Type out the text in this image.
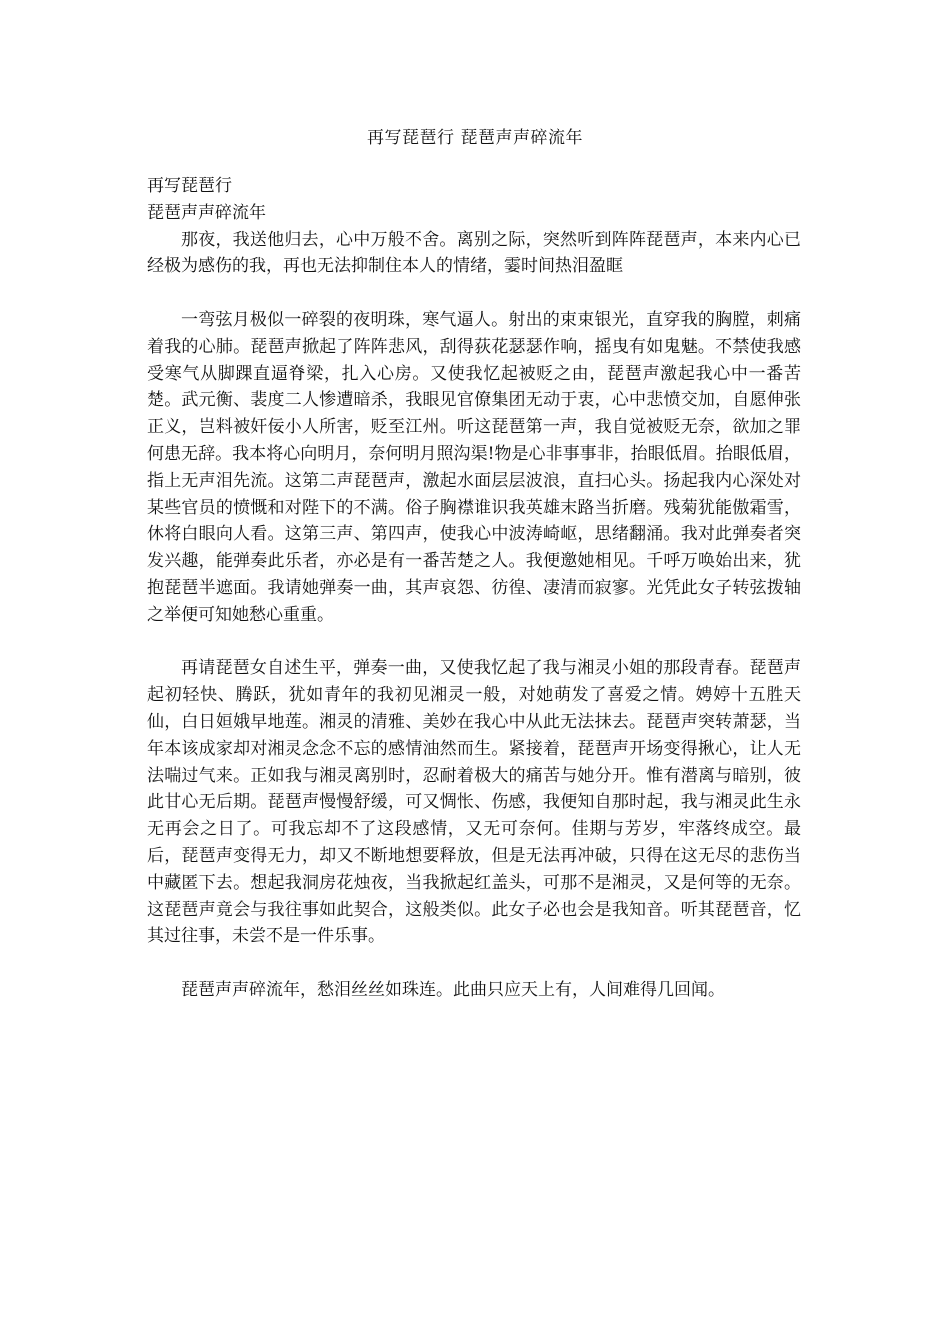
再写琵琶行 琵琶声声碎流年

再写琵琶行

琵琶声声碎流年

那夜，我送他归去，心中万般不舍。离别之际，突然听到阵阵琵琶声，本来内心已经极为感伤的我，再也无法抑制住本人的情绪，霎时间热泪盈眶

一弯弦月极似一碎裂的夜明珠，寒气逼人。射出的束束银光，直穿我的胸膛，刺痛着我的心肺。琵琶声掀起了阵阵悲风，刮得荻花瑟瑟作响，摇曳有如鬼魅。不禁使我感受寒气从脚踝直逼脊梁，扎入心房。又使我忆起被贬之由，琵琶声激起我心中一番苦楚。武元衡、裴度二人惨遭暗杀，我眼见官僚集团无动于衷，心中悲愤交加，自愿伸张正义，岂料被奸佞小人所害，贬至江州。听这琵琶第一声，我自觉被贬无奈，欲加之罪何患无辞。我本将心向明月，奈何明月照沟渠!物是心非事事非，抬眼低眉。抬眼低眉，指上无声泪先流。这第二声琵琶声，激起水面层层波浪，直扫心头。扬起我内心深处对某些官员的愤慨和对陛下的不满。俗子胸襟谁识我英雄末路当折磨。残菊犹能傲霜雪，休将白眼向人看。这第三声、第四声，使我心中波涛崎岖，思绪翻涌。我对此弹奏者突发兴趣，能弹奏此乐者，亦必是有一番苦楚之人。我便邀她相见。千呼万唤始出来，犹抱琵琶半遮面。我请她弹奏一曲，其声哀怨、彷徨、凄清而寂寥。光凭此女子转弦拨轴之举便可知她愁心重重。

再请琵琶女自述生平，弹奏一曲，又使我忆起了我与湘灵小姐的那段青春。琵琶声起初轻快、腾跃，犹如青年的我初见湘灵一般，对她萌发了喜爱之情。娉婷十五胜天仙，白日姮娥早地莲。湘灵的清雅、美妙在我心中从此无法抹去。琵琶声突转萧瑟，当年本该成家却对湘灵念念不忘的感情油然而生。紧接着，琵琶声开场变得揪心，让人无法喘过气来。正如我与湘灵离别时，忍耐着极大的痛苦与她分开。惟有潜离与暗别，彼此甘心无后期。琵琶声慢慢舒缓，可又惆怅、伤感，我便知自那时起，我与湘灵此生永无再会之日了。可我忘却不了这段感情，又无可奈何。佳期与芳岁，牢落终成空。最后，琵琶声变得无力，却又不断地想要释放，但是无法再冲破，只得在这无尽的悲伤当中藏匿下去。想起我洞房花烛夜，当我掀起红盖头，可那不是湘灵，又是何等的无奈。这琵琶声竟会与我往事如此契合，这般类似。此女子必也会是我知音。听其琵琶音，忆其过往事，未尝不是一件乐事。

琵琶声声碎流年，愁泪丝丝如珠连。此曲只应天上有，人间难得几回闻。
